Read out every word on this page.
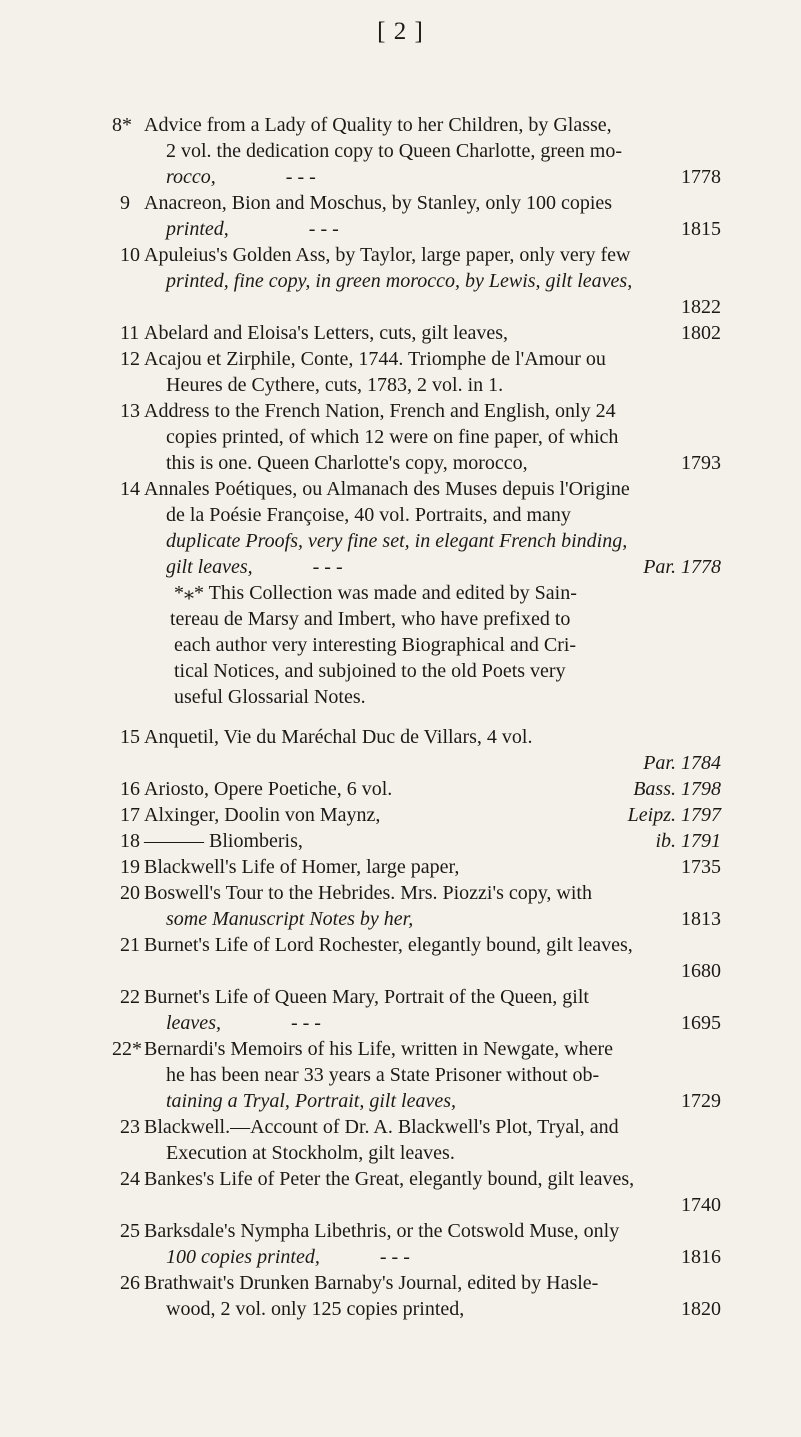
[ 2 ]
8* Advice from a Lady of Quality to her Children, by Glasse,
2 vol. the dedication copy to Queen Charlotte, green mo-
rocco,	- - -	1778
9 Anacreon, Bion and Moschus, by Stanley, only 100 copies
printed,	- - -	1815
10 Apuleius's Golden Ass, by Taylor, large paper, only very few
printed, fine copy, in green morocco, by Lewis, gilt leaves,
1822
11 Abelard and Eloisa's Letters, cuts, gilt leaves,	1802
12 Acajou et Zirphile, Conte, 1744. Triomphe de l'Amour ou
Heures de Cythere, cuts, 1783, 2 vol. in 1.
13 Address to the French Nation, French and English, only 24
copies printed, of which 12 were on fine paper, of which
this is one. Queen Charlotte's copy, morocco,	1793
14 Annales Poétiques, ou Almanach des Muses depuis l'Origine
de la Poésie Françoise, 40 vol. Portraits, and many
duplicate Proofs, very fine set, in elegant French binding,
gilt leaves,	- - -	Par. 1778
*⁎* This Collection was made and edited by Sain-
tereau de Marsy and Imbert, who have prefixed to
each author very interesting Biographical and Cri-
tical Notices, and subjoined to the old Poets very
useful Glossarial Notes.
15 Anquetil, Vie du Maréchal Duc de Villars, 4 vol.
Par. 1784
16 Ariosto, Opere Poetiche, 6 vol.	Bass. 1798
17 Alxinger, Doolin von Maynz,	Leipz. 1797
18 ——— Bliomberis,	ib. 1791
19 Blackwell's Life of Homer, large paper,	1735
20 Boswell's Tour to the Hebrides. Mrs. Piozzi's copy, with
some Manuscript Notes by her,	1813
21 Burnet's Life of Lord Rochester, elegantly bound, gilt leaves,
1680
22 Burnet's Life of Queen Mary, Portrait of the Queen, gilt
leaves,	- - -	1695
22* Bernardi's Memoirs of his Life, written in Newgate, where
he has been near 33 years a State Prisoner without ob-
taining a Tryal, Portrait, gilt leaves,	1729
23 Blackwell.—Account of Dr. A. Blackwell's Plot, Tryal, and
Execution at Stockholm, gilt leaves.
24 Bankes's Life of Peter the Great, elegantly bound, gilt leaves,
1740
25 Barksdale's Nympha Libethris, or the Cotswold Muse, only
100 copies printed,	- - -	1816
26 Brathwait's Drunken Barnaby's Journal, edited by Hasle-
wood, 2 vol. only 125 copies printed,	1820
